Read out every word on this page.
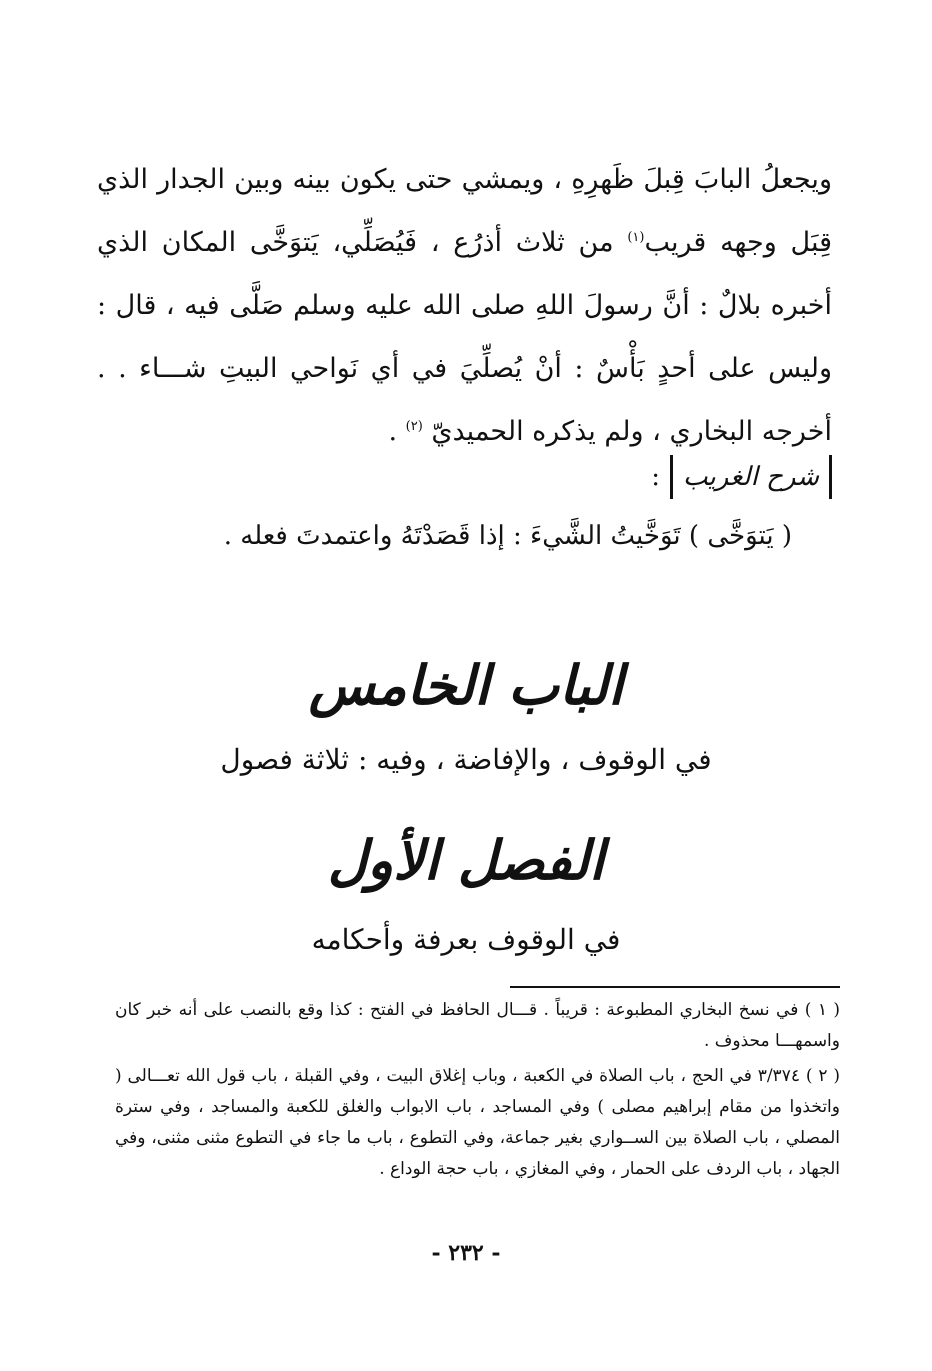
ويجعلُ البابَ قِبلَ ظَهرِهِ ، ويمشي حتى يكون بينه وبين الجدار الذي قِبَل وجهه قريب$^{(١)}$ من ثلاث أذرُع ، فَيُصَلِّي، يَتوَخَّى المكان الذي أخبره بلالٌ : أنَّ رسولَ اللهِ صلى الله عليه وسلم صَلَّى فيه ، قال : وليس على أحدٍ بَأْسٌ : أنْ يُصلِّيَ في أي نَواحي البيتِ شـــاء . . أخرجه البخاري ، ولم يذكره الحميديّ $^{(٢)}$ .

شرح الغريب
:
( يَتوَخَّى ) تَوَخَّيتُ الشَّيءَ : إذا قَصَدْتَهُ واعتمدتَ فعله .
الباب الخامس
في الوقوف ، والإفاضة ، وفيه : ثلاثة فصول
الفصل الأول
في الوقوف بعرفة وأحكامه

( ١ ) في نسخ البخاري المطبوعة : قريباً . قـــال الحافظ في الفتح : كذا وقع بالنصب على أنه خبر كان واسمهـــا محذوف .

( ٢ ) ٣/٣٧٤ في الحج ، باب الصلاة في الكعبة ، وباب إغلاق البيت ، وفي القبلة ، باب قول الله تعـــالى ( واتخذوا من مقام إبراهيم مصلى ) وفي المساجد ، باب الابواب والغلق للكعبة والمساجد ، وفي سترة المصلي ، باب الصلاة بين الســواري بغير جماعة، وفي التطوع ، باب ما جاء في التطوع مثنى مثنى، وفي الجهاد ، باب الردف على الحمار ، وفي المغازي ، باب حجة الوداع .

- ٢٣٢ -
